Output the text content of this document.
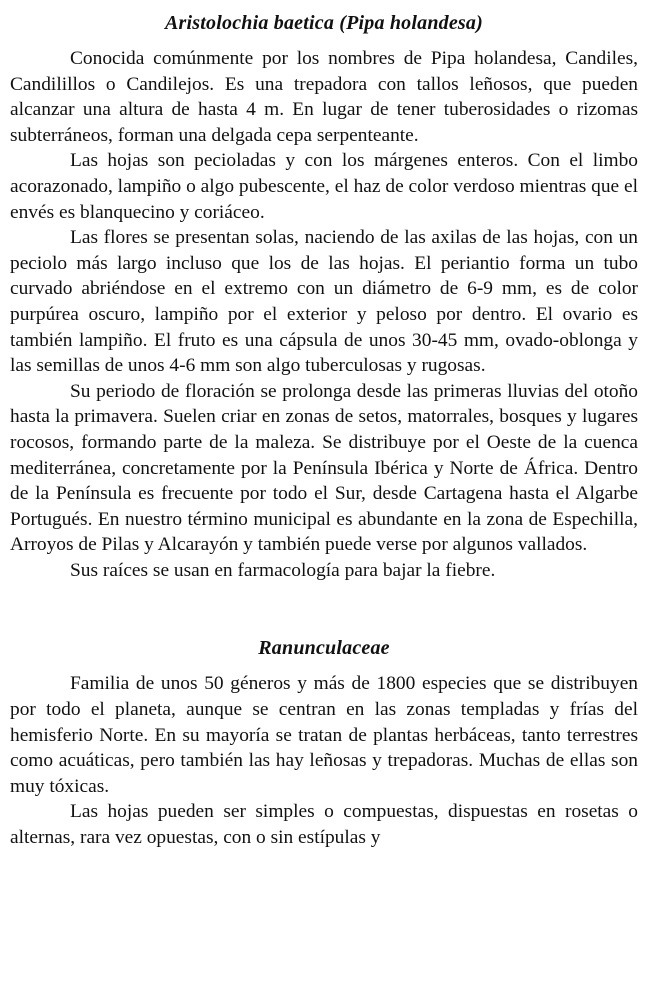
Aristolochia baetica (Pipa holandesa)

Conocida comúnmente por los nombres de Pipa holandesa, Candiles, Candilillos o Candilejos. Es una trepadora con tallos leñosos, que pueden alcanzar una altura de hasta 4 m. En lugar de tener tuberosidades o rizomas subterráneos, forman una delgada cepa serpenteante.

Las hojas son pecioladas y con los márgenes enteros. Con el limbo acorazonado, lampiño o algo pubescente, el haz de color verdoso mientras que el envés es blanquecino y coriáceo.

Las flores se presentan solas, naciendo de las axilas de las hojas, con un peciolo más largo incluso que los de las hojas. El periantio forma un tubo curvado abriéndose en el extremo con un diámetro de 6-9 mm, es de color purpúrea oscuro, lampiño por el exterior y peloso por dentro. El ovario es también lampiño. El fruto es una cápsula de unos 30-45 mm, ovado-oblonga y las semillas de unos 4-6 mm son algo tuberculosas y rugosas.

Su periodo de floración se prolonga desde las primeras lluvias del otoño hasta la primavera. Suelen criar en zonas de setos, matorrales, bosques y lugares rocosos, formando parte de la maleza. Se distribuye por el Oeste de la cuenca mediterránea, concretamente por la Península Ibérica y Norte de África. Dentro de la Península es frecuente por todo el Sur, desde Cartagena hasta el Algarbe Portugués. En nuestro término municipal es abundante en la zona de Espechilla, Arroyos de Pilas y Alcarayón y también puede verse por algunos vallados.

Sus raíces se usan en farmacología para bajar la fiebre.

Ranunculaceae

Familia de unos 50 géneros y más de 1800 especies que se distribuyen por todo el planeta, aunque se centran en las zonas templadas y frías del hemisferio Norte. En su mayoría se tratan de plantas herbáceas, tanto terrestres como acuáticas, pero también las hay leñosas y trepadoras. Muchas de ellas son muy tóxicas.

Las hojas pueden ser simples o compuestas, dispuestas en rosetas o alternas, rara vez opuestas, con o sin estípulas y
